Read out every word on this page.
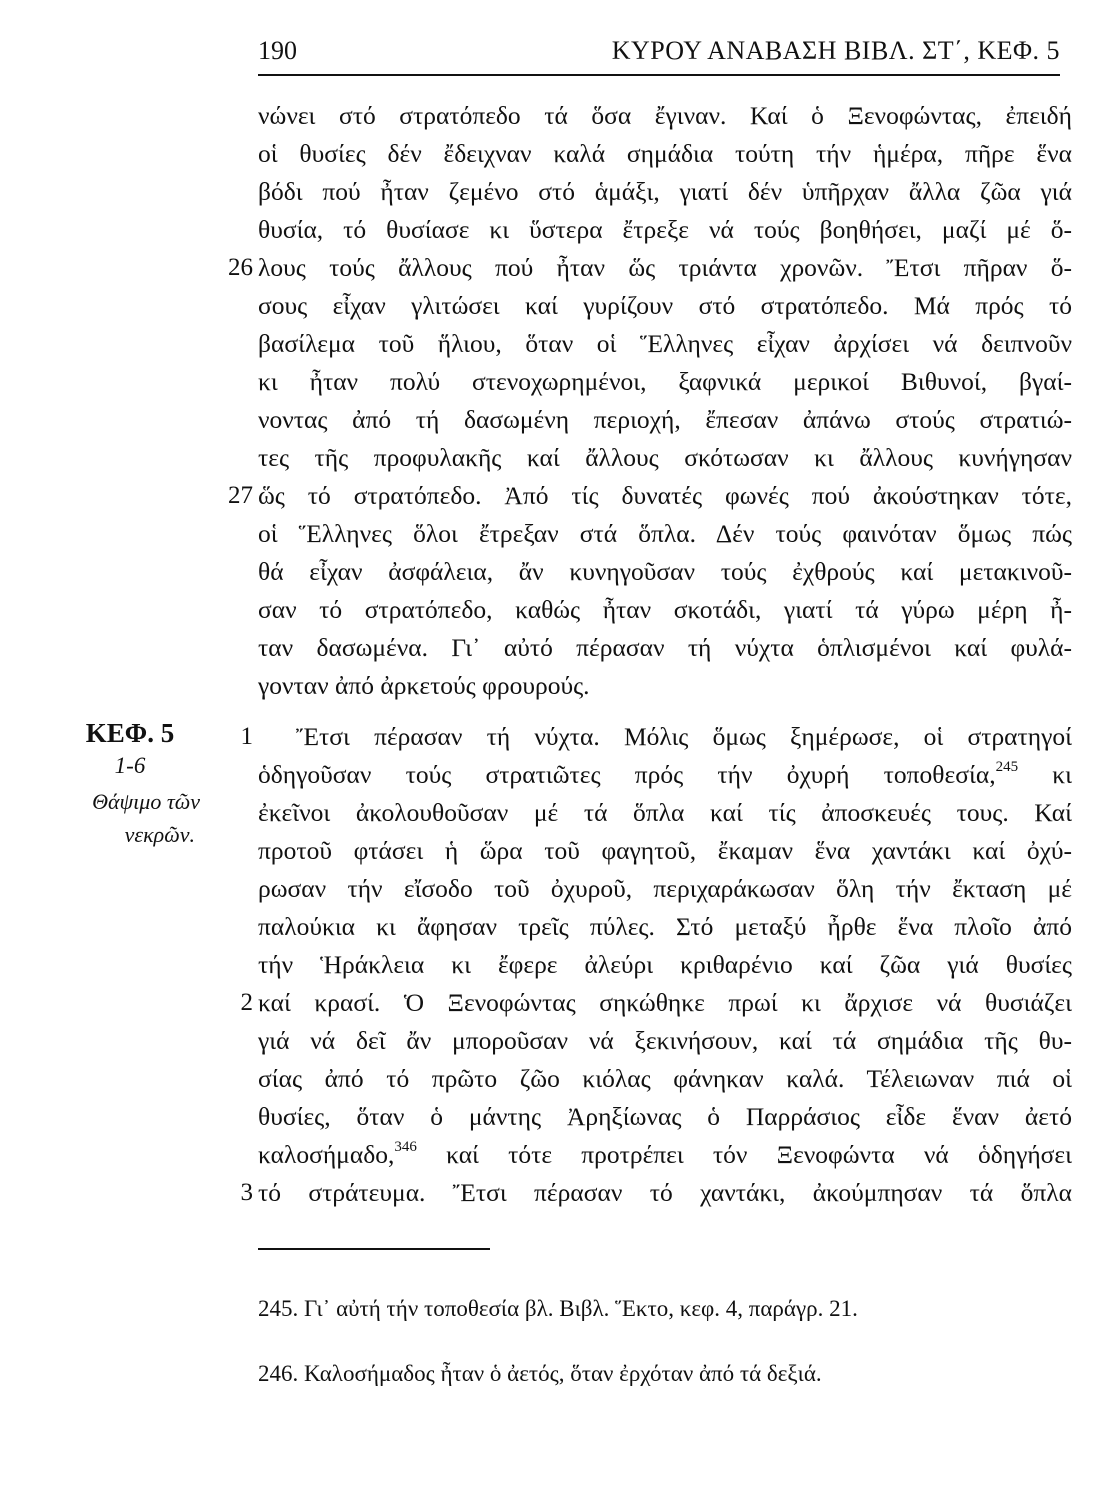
190	ΚΥΡΟΥ ΑΝΑΒΑΣΗ ΒΙΒΛ. ΣΤ΄, ΚΕΦ. 5
νώνει στό στρατόπεδο τά ὅσα ἔγιναν. Καί ὁ Ξενοφώντας, ἐπειδή
οἱ θυσίες δέν ἔδειχναν καλά σημάδια τούτη τήν ἡμέρα, πῆρε ἕνα
βόδι πού ἦταν ζεμένο στό ἁμάξι, γιατί δέν ὑπῆρχαν ἄλλα ζῶα γιά
θυσία, τό θυσίασε κι ὕστερα ἔτρεξε νά τούς βοηθήσει, μαζί μέ ὅ-
26 λους τούς ἄλλους πού ἦταν ὥς τριάντα χρονῶν. Ἔτσι πῆραν ὅ-
σους εἶχαν γλιτώσει καί γυρίζουν στό στρατόπεδο. Μά πρός τό
βασίλεμα τοῦ ἥλιου, ὅταν οἱ Ἕλληνες εἶχαν ἀρχίσει νά δειπνοῦν
κι ἦταν πολύ στενοχωρημένοι, ξαφνικά μερικοί Βιθυνοί, βγαί-
νοντας ἀπό τή δασωμένη περιοχή, ἔπεσαν ἀπάνω στούς στρατιώ-
τες τῆς προφυλακῆς καί ἄλλους σκότωσαν κι ἄλλους κυνήγησαν
27 ὥς τό στρατόπεδο. Ἀπό τίς δυνατές φωνές πού ἀκούστηκαν τότε,
οἱ Ἕλληνες ὅλοι ἔτρεξαν στά ὅπλα. Δέν τούς φαινόταν ὅμως πώς
θά εἶχαν ἀσφάλεια, ἄν κυνηγοῦσαν τούς ἐχθρούς καί μετακινοῦ-
σαν τό στρατόπεδο, καθώς ἦταν σκοτάδι, γιατί τά γύρω μέρη ἦ-
ταν δασωμένα. Γι᾽ αὐτό πέρασαν τή νύχτα ὁπλισμένοι καί φυλά-
γονταν ἀπό ἀρκετούς φρουρούς.
ΚΕΦ. 5
1-6
Θάψιμο τῶν
νεκρῶν.
1	Ἔτσι πέρασαν τή νύχτα. Μόλις ὅμως ξημέρωσε, οἱ στρατηγοί
ὁδηγοῦσαν τούς στρατιῶτες πρός τήν ὀχυρή τοποθεσία,$^{245}$ κι
ἐκεῖνοι ἀκολουθοῦσαν μέ τά ὅπλα καί τίς ἀποσκευές τους. Καί
προτοῦ φτάσει ἡ ὥρα τοῦ φαγητοῦ, ἔκαμαν ἕνα χαντάκι καί ὀχύ-
ρωσαν τήν εἴσοδο τοῦ ὀχυροῦ, περιχαράκωσαν ὅλη τήν ἔκταση μέ
παλούκια κι ἄφησαν τρεῖς πύλες. Στό μεταξύ ἦρθε ἕνα πλοῖο ἀπό
τήν Ἡράκλεια κι ἔφερε ἀλεύρι κριθαρένιο καί ζῶα γιά θυσίες
2 καί κρασί. Ὁ Ξενοφώντας σηκώθηκε πρωί κι ἄρχισε νά θυσιάζει
γιά νά δεῖ ἄν μποροῦσαν νά ξεκινήσουν, καί τά σημάδια τῆς θυ-
σίας ἀπό τό πρῶτο ζῶο κιόλας φάνηκαν καλά. Τέλειωναν πιά οἱ
θυσίες, ὅταν ὁ μάντης Ἀρηξίωνας ὁ Παρράσιος εἶδε ἕναν ἀετό
καλοσήμαδο,$^{346}$ καί τότε προτρέπει τόν Ξενοφώντα νά ὁδηγήσει
3 τό στράτευμα. Ἔτσι πέρασαν τό χαντάκι, ἀκούμπησαν τά ὅπλα
245. Γι᾽ αὐτή τήν τοποθεσία βλ. Βιβλ. Ἕκτο, κεφ. 4, παράγρ. 21.
246. Καλοσήμαδος ἦταν ὁ ἀετός, ὅταν ἐρχόταν ἀπό τά δεξιά.
